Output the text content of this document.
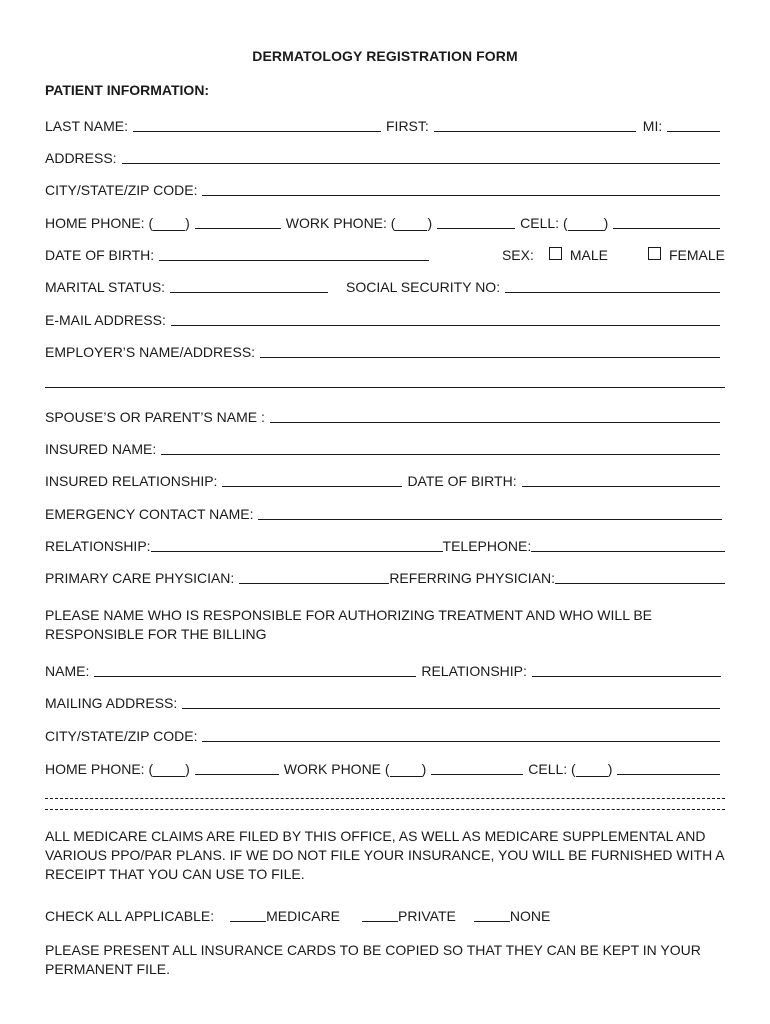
DERMATOLOGY REGISTRATION FORM
PATIENT INFORMATION:
LAST NAME:	FIRST:	MI:
ADDRESS:
CITY/STATE/ZIP CODE:
HOME PHONE: ( )	WORK PHONE: ( )	CELL: (	)
DATE OF BIRTH:	SEX:	MALE	FEMALE
MARITAL STATUS:	SOCIAL SECURITY NO:
E-MAIL ADDRESS:
EMPLOYER’S NAME/ADDRESS:
SPOUSE’S OR PARENT’S NAME :
INSURED NAME:
INSURED RELATIONSHIP:	DATE OF BIRTH:
EMERGENCY CONTACT NAME:
RELATIONSHIP:	TELEPHONE:
PRIMARY CARE PHYSICIAN:	REFERRING PHYSICIAN:
PLEASE NAME WHO IS RESPONSIBLE FOR AUTHORIZING TREATMENT AND WHO WILL BE RESPONSIBLE FOR THE BILLING
NAME:	RELATIONSHIP:
MAILING ADDRESS:
CITY/STATE/ZIP CODE:
HOME PHONE: ( )	WORK PHONE ( )	CELL: ( )
ALL MEDICARE CLAIMS ARE FILED BY THIS OFFICE, AS WELL AS MEDICARE SUPPLEMENTAL AND VARIOUS PPO/PAR PLANS. IF WE DO NOT FILE YOUR INSURANCE, YOU WILL BE FURNISHED WITH A RECEIPT THAT YOU CAN USE TO FILE.
CHECK ALL APPLICABLE:	MEDICARE	PRIVATE	NONE
PLEASE PRESENT ALL INSURANCE CARDS TO BE COPIED SO THAT THEY CAN BE KEPT IN YOUR PERMANENT FILE.
